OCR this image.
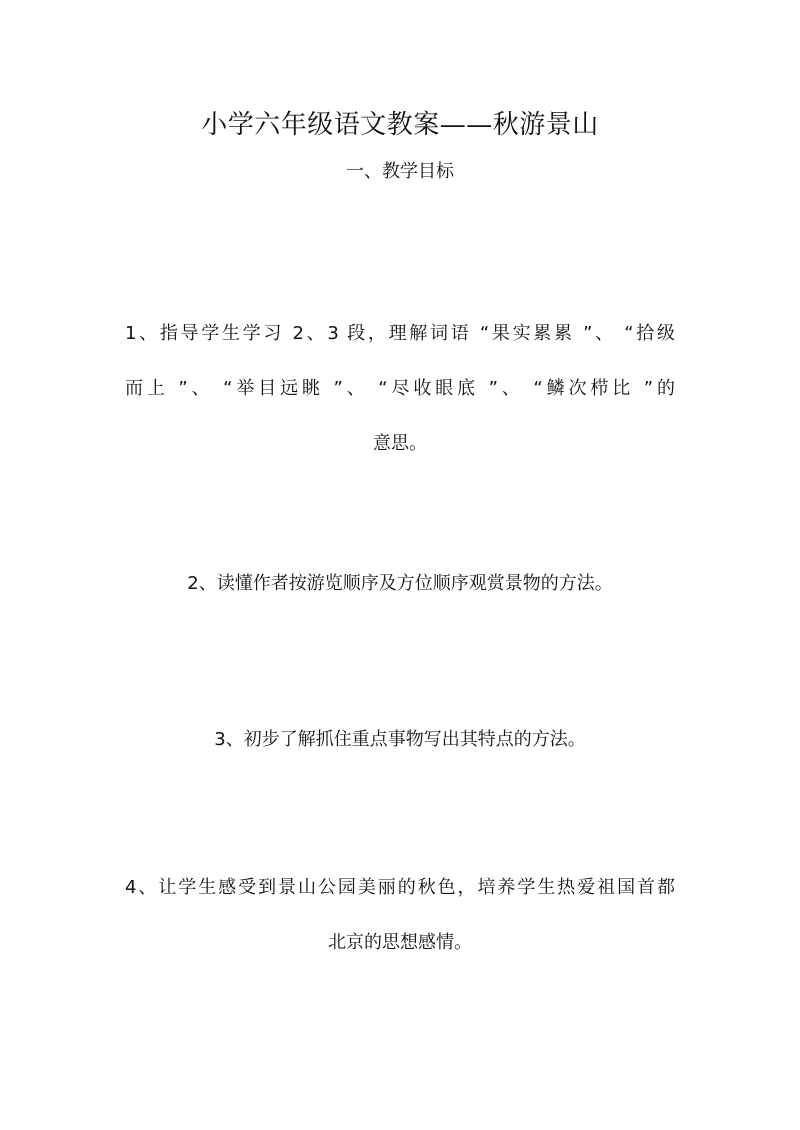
小学六年级语文教案——秋游景山
一、教学目标
1、指导学生学习 2、3 段，理解词语 “果实累累 ”、 “拾级
而上 ”、 “举目远眺 ”、 “尽收眼底 ”、 “鳞次栉比 ”的
意思。
2、读懂作者按游览顺序及方位顺序观赏景物的方法。
3、初步了解抓住重点事物写出其特点的方法。
4、让学生感受到景山公园美丽的秋色，培养学生热爱祖国首都
北京的思想感情。
